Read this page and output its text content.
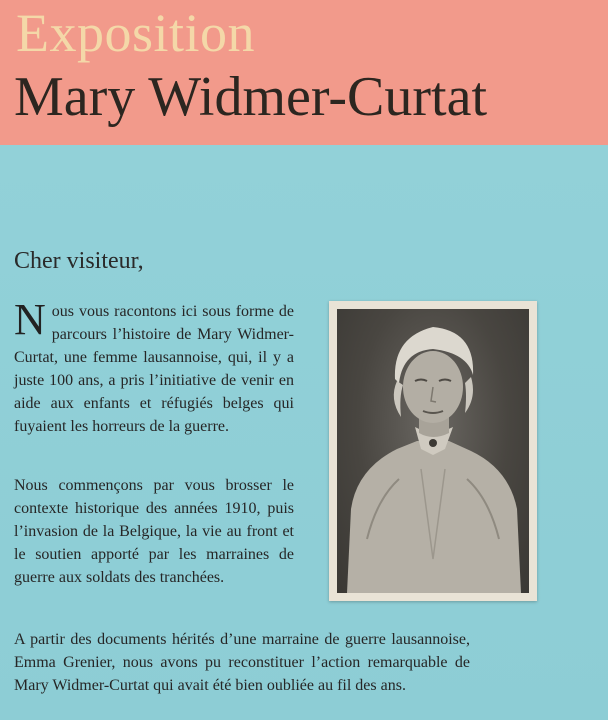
Exposition
Mary Widmer-Curtat
Cher visiteur,

Nous vous racontons ici sous forme de parcours l’histoire de Mary Widmer-Curtat, une femme lausannoise, qui, il y a juste 100 ans, a pris l’initiative de venir en aide aux enfants et réfugiés belges qui fuyaient les horreurs de la guerre.

Nous commençons par vous brosser le contexte historique des années 1910, puis l’invasion de la Belgique, la vie au front et le soutien apporté par les marraines de guerre aux soldats des tranchées.

A partir des documents hérités d’une marraine de guerre lausannoise, Emma Grenier, nous avons pu reconstituer l’action remarquable de Mary Widmer-Curtat qui avait été bien oubliée au fil des ans.
